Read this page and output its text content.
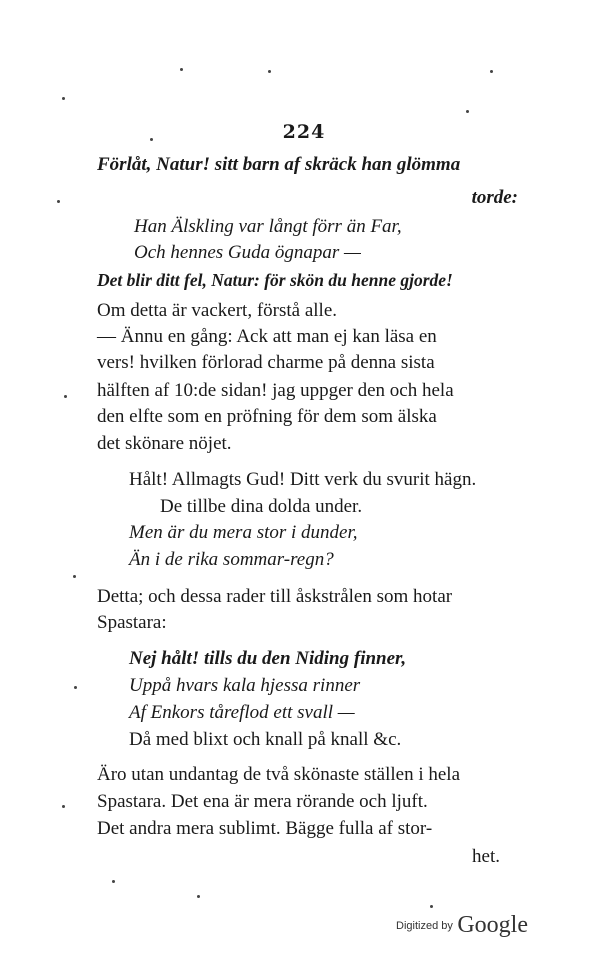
224
Förlåt, Natur! sitt barn af skräck han glömma
torde:
Han Älskling var långt förr än Far,
Och hennes Guda ögnapar —
Det blir ditt fel, Natur: för skön du henne gjorde!
Om detta är vackert, förstå alle.
— Ännu en gång: Ack att man ej kan läsa en
vers! hvilken förlorad charme på denna sista
hälften af 10:de sidan! jag uppger den och hela
den elfte som en pröfning för dem som älska
det skönare nöjet.
Hålt! Allmagts Gud! Ditt verk du svurit hägn.
De tillbe dina dolda under.
Men är du mera stor i dunder,
Än i de rika sommar-regn?
Detta; och dessa rader till åskstrålen som hotar
Spastara:
Nej hålt! tills du den Niding finner,
Uppå hvars kala hjessa rinner
Af Enkors tåreflod ett svall —
Då med blixt och knall på knall &c.
Äro utan undantag de två skönaste ställen i hela
Spastara. Det ena är mera rörande och ljuft.
Det andra mera sublimt. Bägge fulla af stor-
het.
Digitized by Google
